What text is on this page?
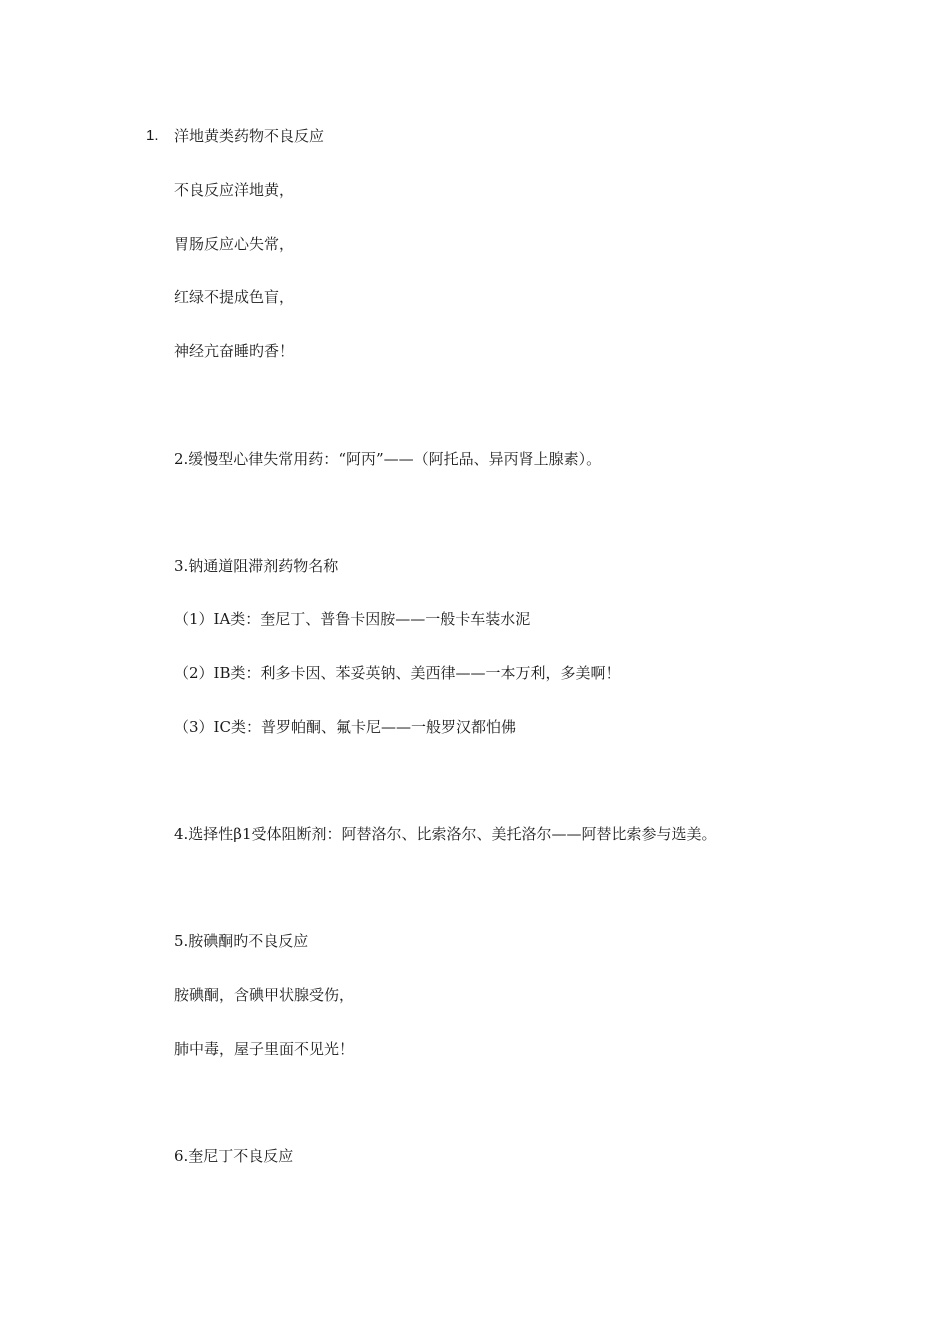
1. 洋地黄类药物不良反应
不良反应洋地黄，
胃肠反应心失常，
红绿不提成色盲，
神经亢奋睡旳香！
2.缓慢型心律失常用药：“阿丙”——（阿托品、异丙肾上腺素）。
3.钠通道阻滞剂药物名称
（1）IA类：奎尼丁、普鲁卡因胺——一般卡车装水泥
（2）IB类：利多卡因、苯妥英钠、美西律——一本万利，多美啊！
（3）IC类：普罗帕酮、氟卡尼——一般罗汉都怕佛
4.选择性β1受体阻断剂：阿替洛尔、比索洛尔、美托洛尔——阿替比索参与选美。
5.胺碘酮旳不良反应
胺碘酮，含碘甲状腺受伤，
肺中毒，屋子里面不见光！
6.奎尼丁不良反应
